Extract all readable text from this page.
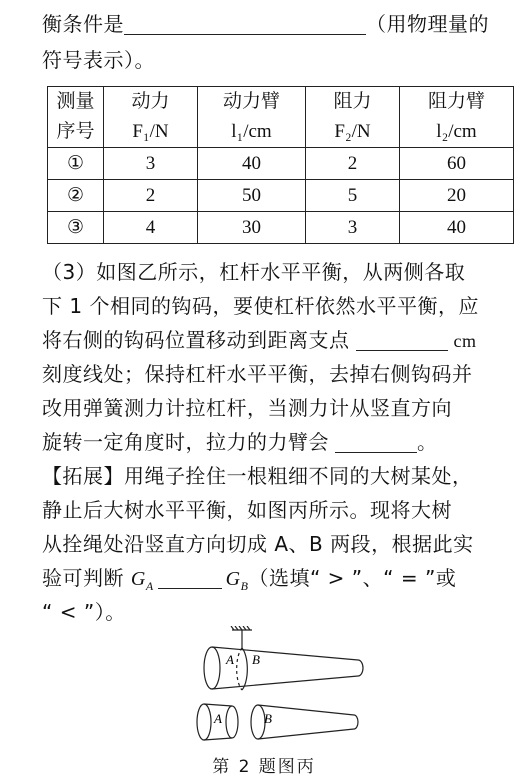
衡条件是	（用物理量的
符号表示）。
测量	动力	动力臂	阻力	阻力臂
序号	F₁/N	l₁/cm	F₂/N	l₂/cm
①	3	40	2	60
②	2	50	5	20
③	4	30	3	40
（3）如图乙所示，杠杆水平平衡，从两侧各取
下 1 个相同的钩码，要使杠杆依然水平平衡，应
将右侧的钩码位置移动到距离支点	cm
刻度线处；保持杠杆水平平衡，去掉右侧钩码并
改用弹簧测力计拉杠杆，当测力计从竖直方向
旋转一定角度时，拉力的力臂会	。
【拓展】用绳子拴住一根粗细不同的大树某处，
静止后大树水平平衡，如图丙所示。现将大树
从拴绳处沿竖直方向切成 A、B 两段，根据此实
验可判断 $G_A$	$G_B$（选填“ > ”、“ = ”或
“ < ”）。
A B
A	B
第 2 题图丙
